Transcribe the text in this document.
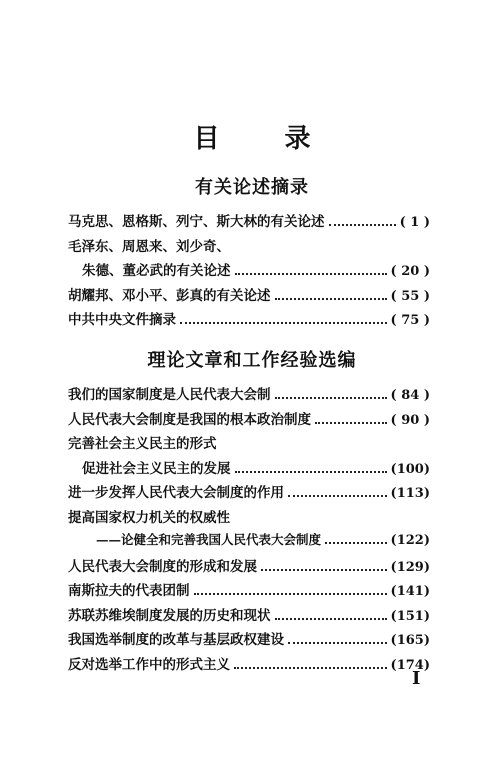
目 录
有关论述摘录
马克思、恩格斯、列宁、斯大林的有关论述	( 1 )
毛泽东、周恩来、刘少奇、
朱德、董必武的有关论述	( 20 )
胡耀邦、邓小平、彭真的有关论述	( 55 )
中共中央文件摘录	( 75 )
理论文章和工作经验选编
我们的国家制度是人民代表大会制	( 84 )
人民代表大会制度是我国的根本政治制度	( 90 )
完善社会主义民主的形式
促进社会主义民主的发展	(100)
进一步发挥人民代表大会制度的作用	(113)
提高国家权力机关的权威性
——论健全和完善我国人民代表大会制度	(122)
人民代表大会制度的形成和发展	(129)
南斯拉夫的代表团制	(141)
苏联苏维埃制度发展的历史和现状	(151)
我国选举制度的改革与基层政权建设	(165)
反对选举工作中的形式主义	(174)
I
